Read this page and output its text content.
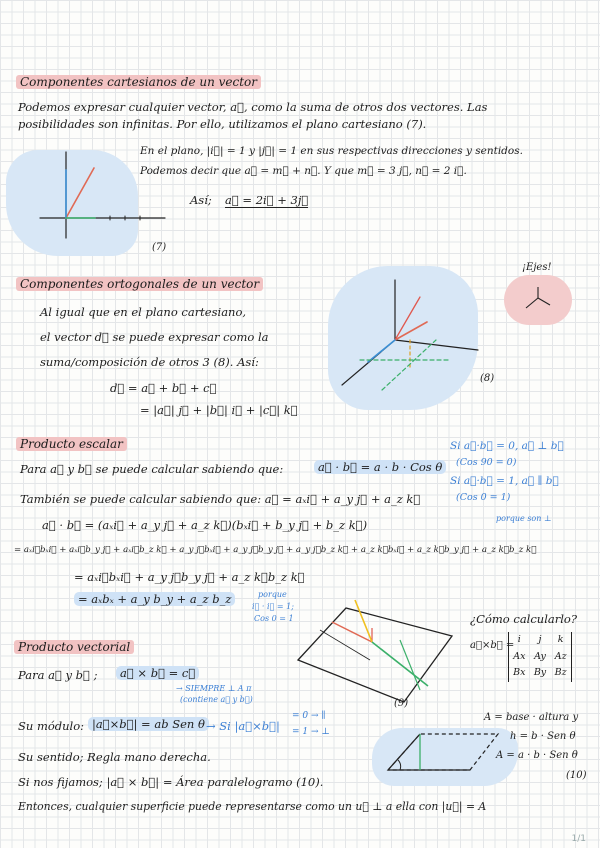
Componentes cartesianos de un vector
Podemos expresar cualquier vector, a⃗, como la suma de otros dos vectores. Las
posibilidades son infinitas. Por ello, utilizamos el plano cartesiano (7).
En el plano, |i⃗| = 1 y |j⃗| = 1 en sus respectivas direcciones y sentidos.
Podemos decir que a⃗ = m⃗ + n⃗. Y que m⃗ = 3 j⃗, n⃗ = 2 i⃗.
Así; a⃗ = 2i⃗ + 3j⃗
(7)
Componentes ortogonales de un vector
¡Ejes!
Al igual que en el plano cartesiano,
el vector d⃗ se puede expresar como la
suma/composición de otros 3 (8). Así:
d⃗ = a⃗ + b⃗ + c⃗
= |a⃗| j⃗ + |b⃗| i⃗ + |c⃗| k⃗
(8)
Producto escalar
Para a⃗ y b⃗ se puede calcular sabiendo que:	a⃗ · b⃗ = a · b · Cos θ
Si a⃗·b⃗ = 0, a⃗ ⊥ b⃗
(Cos 90 = 0)
Si a⃗·b⃗ = 1, a⃗ ∥ b⃗
(Cos 0 = 1)
También se puede calcular sabiendo que: a⃗ = aₓi⃗ + a_y j⃗ + a_z k⃗
porque son ⊥
a⃗ · b⃗ = (aₓi⃗ + a_y j⃗ + a_z k⃗)(bₓi⃗ + b_y j⃗ + b_z k⃗)
= aₓi⃗bₓi⃗ + aₓi⃗b_y j⃗ + aₓi⃗b_z k⃗ + a_y j⃗bₓi⃗ + a_y j⃗b_y j⃗ + a_y j⃗b_z k⃗ + a_z k⃗bₓi⃗ + a_z k⃗b_y j⃗ + a_z k⃗b_z k⃗
= aₓi⃗bₓi⃗ + a_y j⃗b_y j⃗ + a_z k⃗b_z k⃗
= aₓbₓ + a_y b_y + a_z b_z	porque
i⃗ · i⃗ = 1;
Cos 0 = 1
Producto vectorial
¿Cómo calcularlo?
a⃗×b⃗ =
i	j	k
Ax Ay Az
Bx By Bz
Para a⃗ y b⃗ ;	a⃗ × b⃗ = c⃗
→ SIEMPRE ⊥ A π
(contiene a⃗ y b⃗)	(9)
Su módulo: |a⃗×b⃗| = ab Sen θ → Si |a⃗×b⃗|
= 0 → ∥
= 1 → ⊥
A = base · altura y
h = b · Sen θ
A = a · b · Sen θ
Su sentido; Regla mano derecha.
(10)
Si nos fijamos; |a⃗ × b⃗| = Área paralelogramo (10).
Entonces, cualquier superficie puede representarse como un u⃗ ⊥ a ella con |u⃗| = A
1/1
